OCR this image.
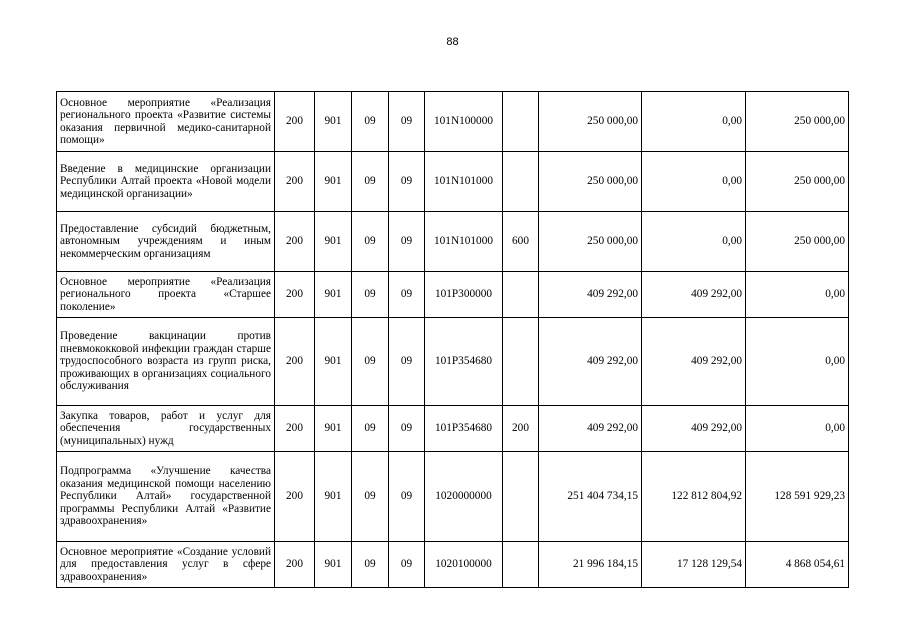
88
Основное мероприятие «Реализация регионального проекта «Развитие системы оказания первичной медико-санитарной помощи»	200	901	09	09	101N100000		250 000,00	0,00	250 000,00
Введение в медицинские организации Республики Алтай проекта «Новой модели медицинской организации»	200	901	09	09	101N101000		250 000,00	0,00	250 000,00
Предоставление субсидий бюджетным, автономным учреждениям и иным некоммерческим организациям	200	901	09	09	101N101000	600	250 000,00	0,00	250 000,00
Основное мероприятие «Реализация регионального проекта «Старшее поколение»	200	901	09	09	101P300000		409 292,00	409 292,00	0,00
Проведение вакцинации против пневмококковой инфекции граждан старше трудоспособного возраста из групп риска, проживающих в организациях социального обслуживания	200	901	09	09	101P354680		409 292,00	409 292,00	0,00
Закупка товаров, работ и услуг для обеспечения государственных (муниципальных) нужд	200	901	09	09	101P354680	200	409 292,00	409 292,00	0,00
Подпрограмма «Улучшение качества оказания медицинской помощи населению Республики Алтай» государственной программы Республики Алтай «Развитие здравоохранения»	200	901	09	09	1020000000		251 404 734,15	122 812 804,92	128 591 929,23
Основное мероприятие «Создание условий для предоставления услуг в сфере здравоохранения»	200	901	09	09	1020100000		21 996 184,15	17 128 129,54	4 868 054,61
